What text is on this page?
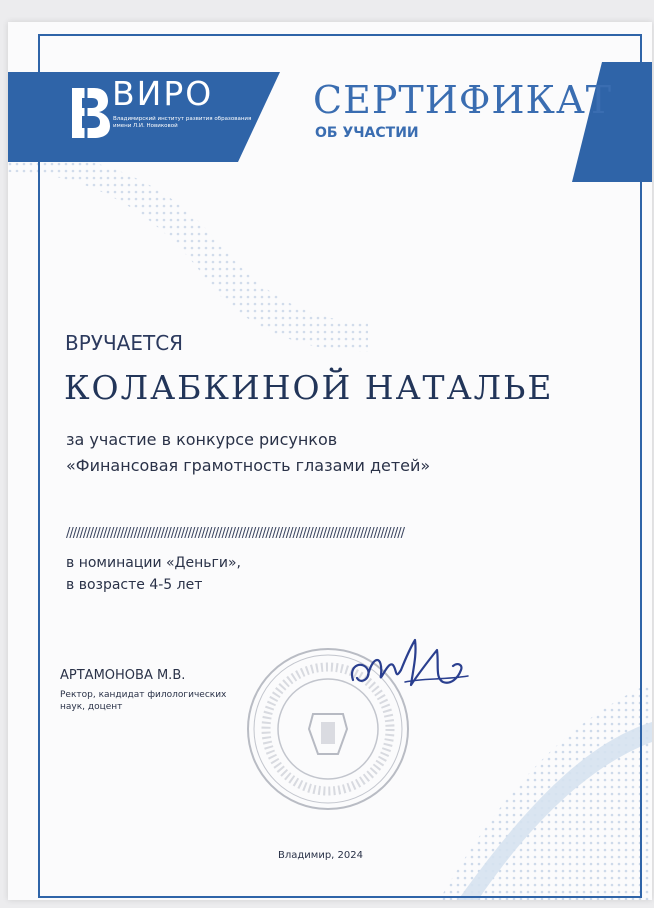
ВИРО
Владимирский институт развития образования имени Л.И. Новиковой
СЕРТИФИКАТ
ОБ УЧАСТИИ
ВРУЧАЕТСЯ
КОЛАБКИНОЙ НАТАЛЬЕ
за участие в конкурсе рисунков
«Финансовая грамотность глазами детей»
////////////////////////////////////////////////////////////////////////////////////////////////////
в номинации «Деньги»,
в возрасте 4-5 лет
АРТАМОНОВА М.В.
Ректор, кандидат филологических наук, доцент
Владимир, 2024
